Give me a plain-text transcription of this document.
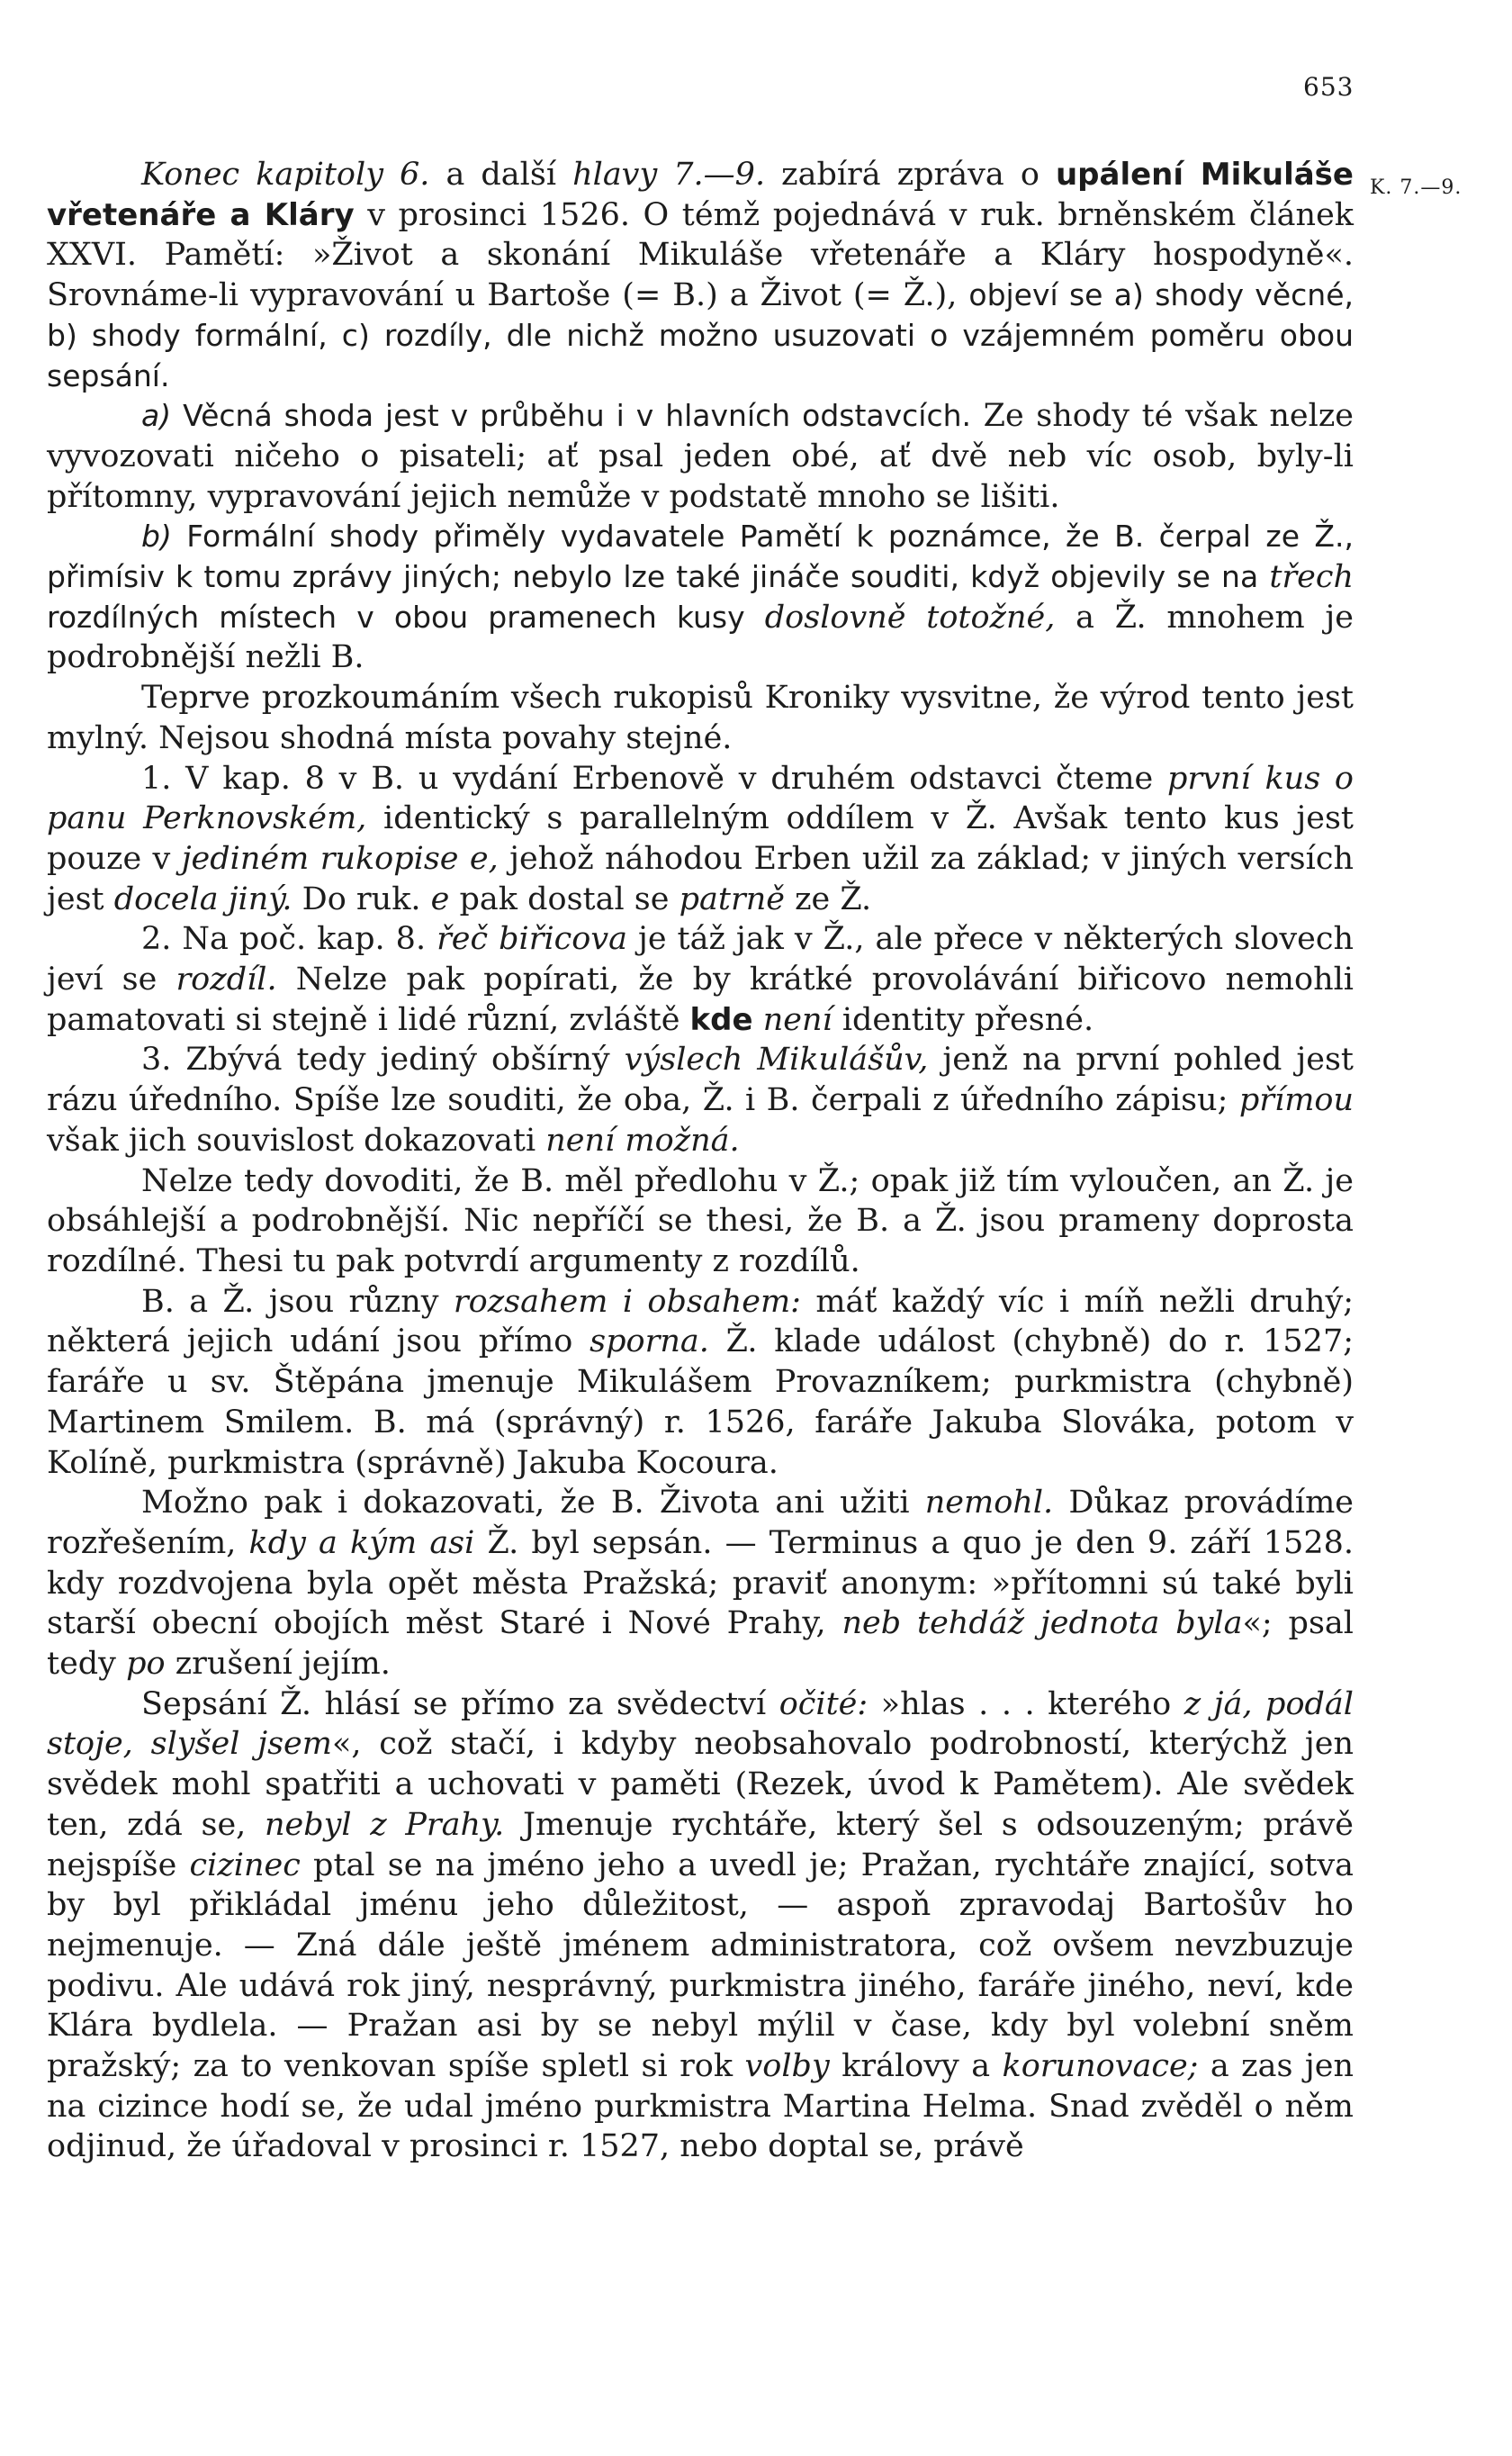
653
K. 7.—9.

Konec kapitoly 6. a další hlavy 7.—9. zabírá zpráva o upálení Mikuláše vřetenáře a Kláry v prosinci 1526. O témž pojednává v ruk. brněnském článek XXVI. Pamětí: »Život a skonání Mikuláše vřetenáře a Kláry hospodyně«. Srovnáme-li vypravování u Bartoše (= B.) a Život (= Ž.), objeví se a) shody věcné, b) shody formální, c) rozdíly, dle nichž možno usuzovati o vzájemném poměru obou sepsání.

a) Věcná shoda jest v průběhu i v hlavních odstavcích. Ze shody té však nelze vyvozovati ničeho o pisateli; ať psal jeden obé, ať dvě neb víc osob, byly-li přítomny, vypravování jejich nemůže v podstatě mnoho se lišiti.

b) Formální shody přiměly vydavatele Pamětí k poznámce, že B. čerpal ze Ž., přimísiv k tomu zprávy jiných; nebylo lze také jináče souditi, když objevily se na třech rozdílných místech v obou pramenech kusy doslovně totožné, a Ž. mnohem je podrobnější nežli B.

Teprve prozkoumáním všech rukopisů Kroniky vysvitne, že výrod tento jest mylný. Nejsou shodná místa povahy stejné.

1. V kap. 8 v B. u vydání Erbenově v druhém odstavci čteme první kus o panu Perknovském, identický s parallelným oddílem v Ž. Avšak tento kus jest pouze v jediném rukopise e, jehož náhodou Erben užil za základ; v jiných versích jest docela jiný. Do ruk. e pak dostal se patrně ze Ž.

2. Na poč. kap. 8. řeč biřicova je táž jak v Ž., ale přece v některých slovech jeví se rozdíl. Nelze pak popírati, že by krátké provolávání biřicovo nemohli pamatovati si stejně i lidé různí, zvláště kde není identity přesné.

3. Zbývá tedy jediný obšírný výslech Mikulášův, jenž na první pohled jest rázu úředního. Spíše lze souditi, že oba, Ž. i B. čerpali z úředního zápisu; přímou však jich souvislost dokazovati není možná.

Nelze tedy dovoditi, že B. měl předlohu v Ž.; opak již tím vyloučen, an Ž. je obsáhlejší a podrobnější. Nic nepříčí se thesi, že B. a Ž. jsou prameny doprosta rozdílné. Thesi tu pak potvrdí argumenty z rozdílů.

B. a Ž. jsou různy rozsahem i obsahem: máť každý víc i míň nežli druhý; některá jejich udání jsou přímo sporna. Ž. klade událost (chybně) do r. 1527; faráře u sv. Štěpána jmenuje Mikulášem Provazníkem; purkmistra (chybně) Martinem Smilem. B. má (správný) r. 1526, faráře Jakuba Slováka, potom v Kolíně, purkmistra (správně) Jakuba Kocoura.

Možno pak i dokazovati, že B. Života ani užiti nemohl. Důkaz provádíme rozřešením, kdy a kým asi Ž. byl sepsán. — Terminus a quo je den 9. září 1528. kdy rozdvojena byla opět města Pražská; praviť anonym: »přítomni sú také byli starší obecní obojích měst Staré i Nové Prahy, neb tehdáž jednota byla«; psal tedy po zrušení jejím.

Sepsání Ž. hlásí se přímo za svědectví očité: »hlas . . . kterého z já, podál stoje, slyšel jsem«, což stačí, i kdyby neobsahovalo podrobností, kterýchž jen svědek mohl spatřiti a uchovati v paměti (Rezek, úvod k Pamětem). Ale svědek ten, zdá se, nebyl z Prahy. Jmenuje rychtáře, který šel s odsouzeným; právě nejspíše cizinec ptal se na jméno jeho a uvedl je; Pražan, rychtáře znající, sotva by byl přikládal jménu jeho důležitost, — aspoň zpravodaj Bartošův ho nejmenuje. — Zná dále ještě jménem administratora, což ovšem nevzbuzuje podivu. Ale udává rok jiný, nesprávný, purkmistra jiného, faráře jiného, neví, kde Klára bydlela. — Pražan asi by se nebyl mýlil v čase, kdy byl volební sněm pražský; za to venkovan spíše spletl si rok volby královy a korunovace; a zas jen na cizince hodí se, že udal jméno purkmistra Martina Helma. Snad zvěděl o něm odjinud, že úřadoval v prosinci r. 1527, nebo doptal se, právě
